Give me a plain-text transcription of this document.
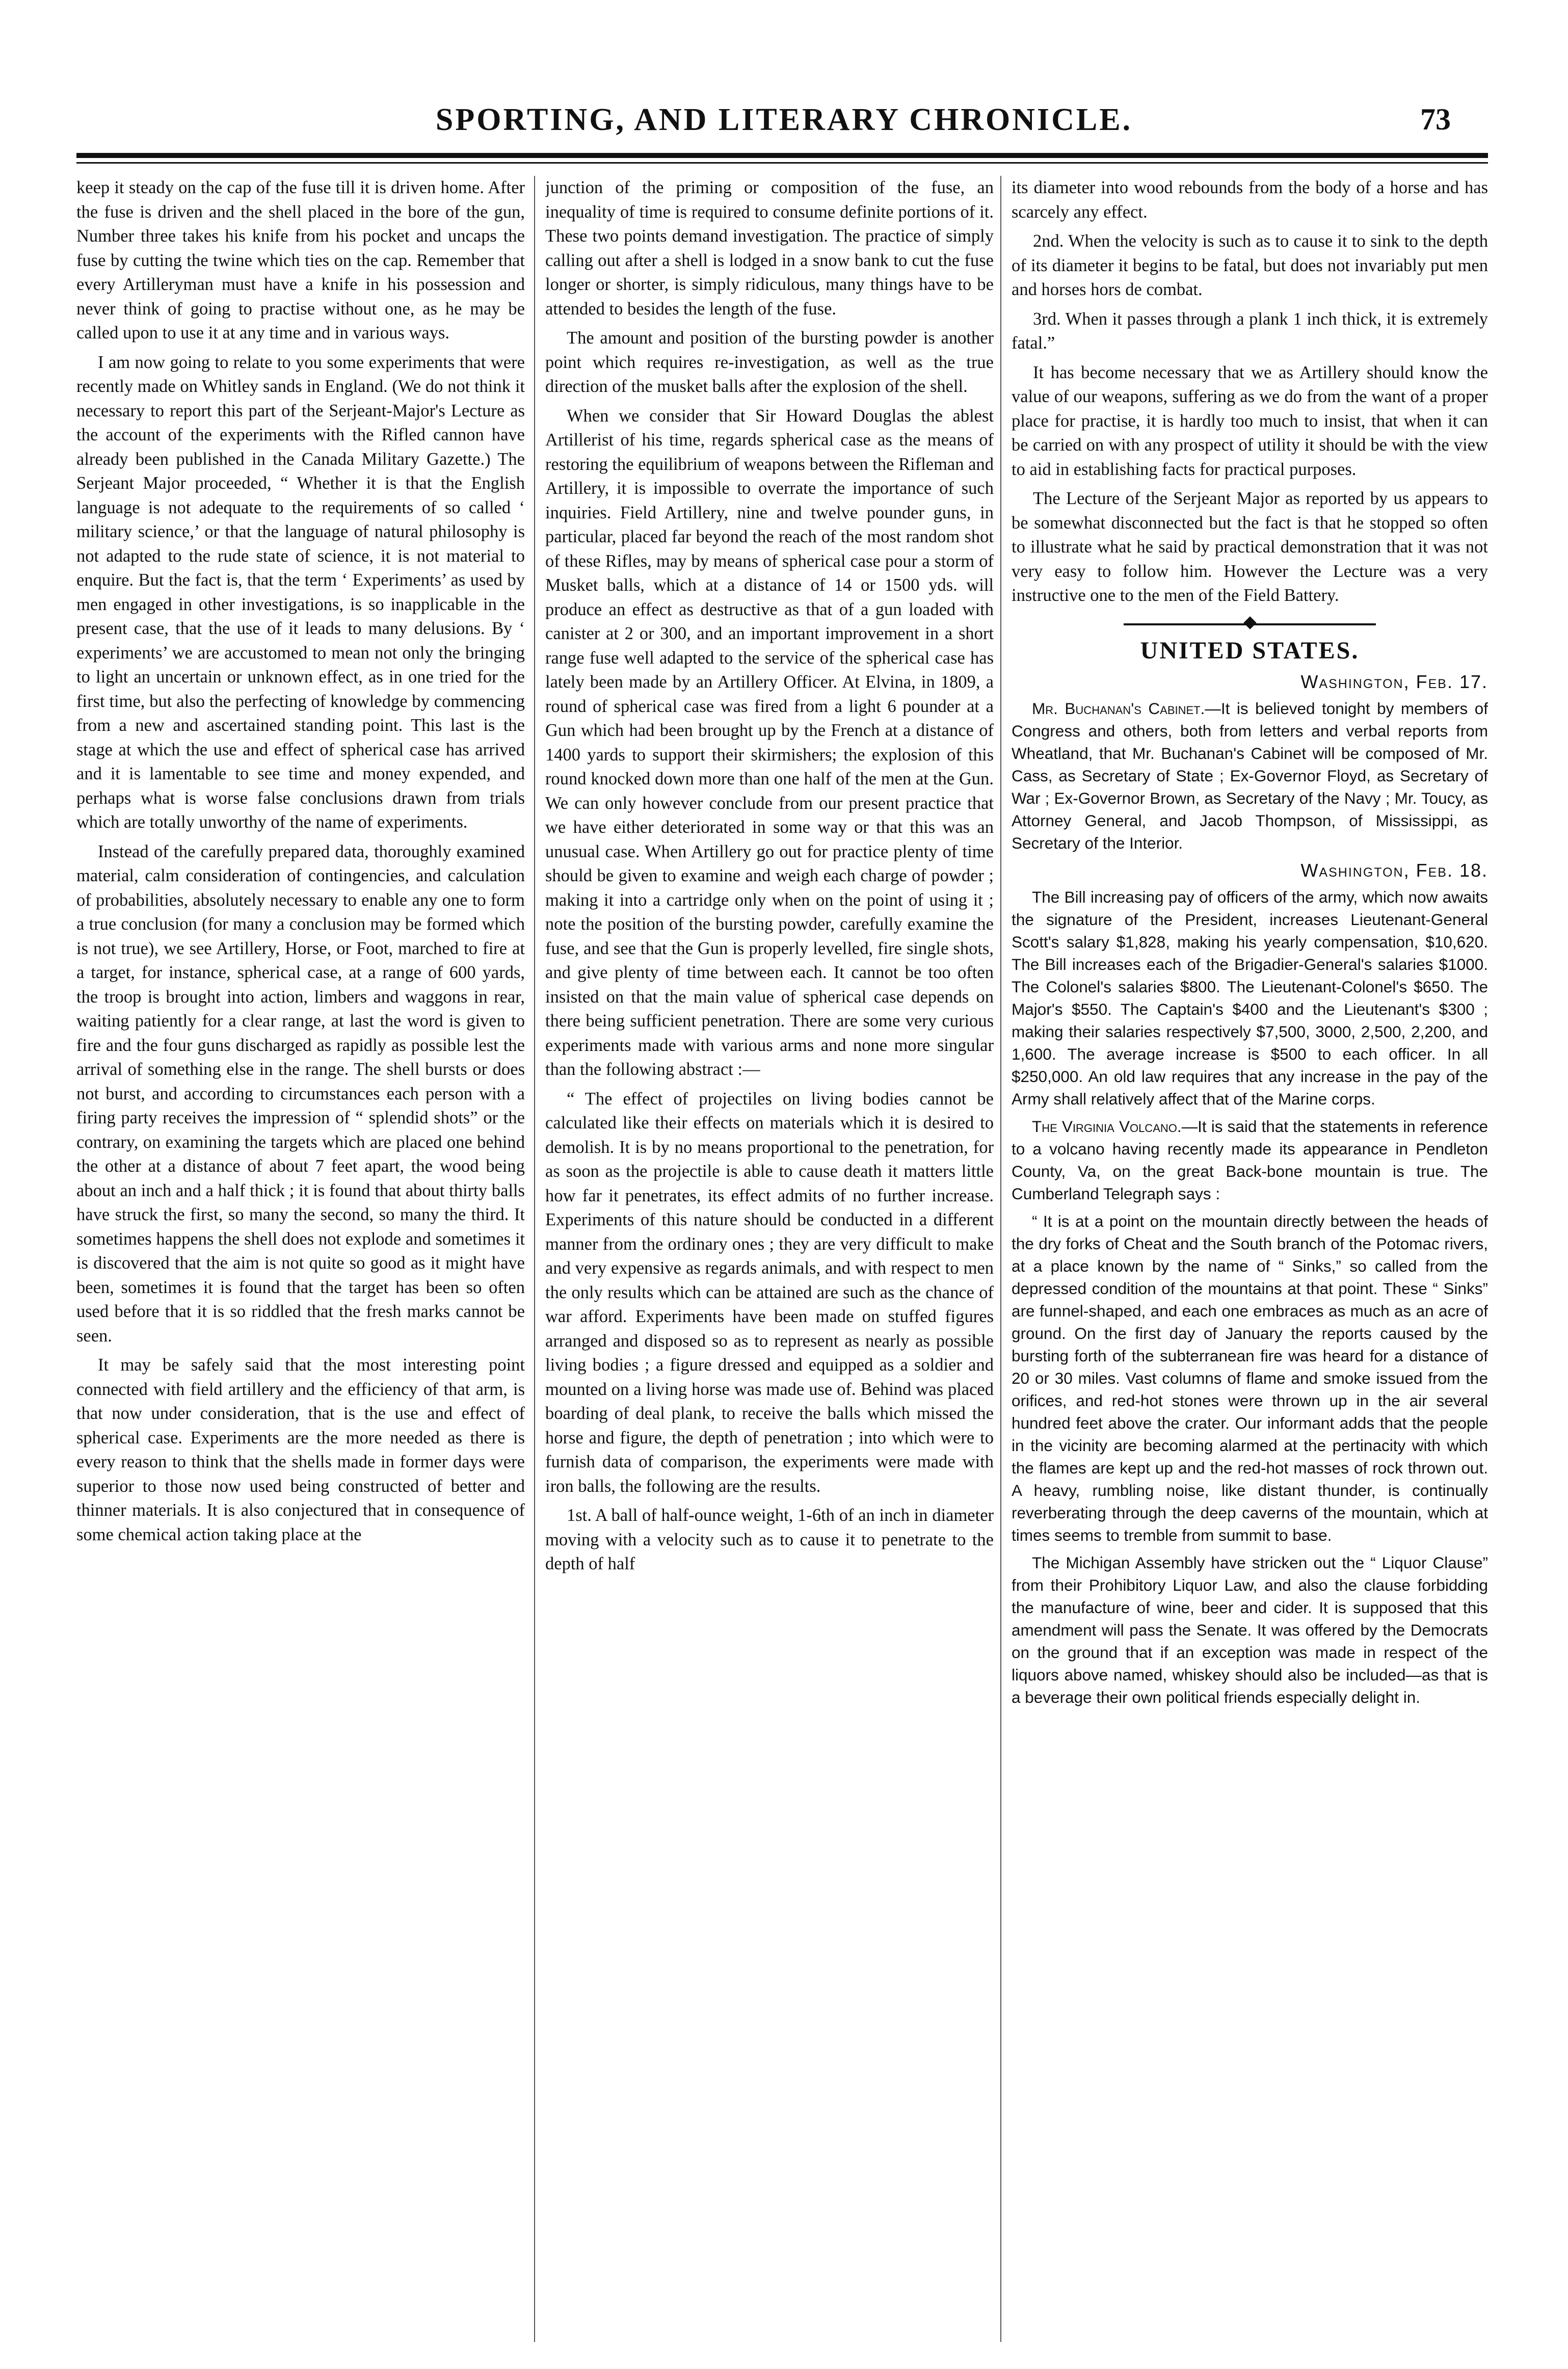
SPORTING, AND LITERARY CHRONICLE.	73

keep it steady on the cap of the fuse till it is driven home. After the fuse is driven and the shell placed in the bore of the gun, Number three takes his knife from his pocket and uncaps the fuse by cutting the twine which ties on the cap. Remember that every Artilleryman must have a knife in his possession and never think of going to practise without one, as he may be called upon to use it at any time and in various ways.

I am now going to relate to you some experiments that were recently made on Whitley sands in England. (We do not think it necessary to report this part of the Serjeant-Major's Lecture as the account of the experiments with the Rifled cannon have already been published in the Canada Military Gazette.) The Serjeant Major proceeded, “ Whether it is that the English language is not adequate to the requirements of so called ‘ military science,’ or that the language of natural philosophy is not adapted to the rude state of science, it is not material to enquire. But the fact is, that the term ‘ Experiments’ as used by men engaged in other investigations, is so inapplicable in the present case, that the use of it leads to many delusions. By ‘ experiments’ we are accustomed to mean not only the bringing to light an uncertain or unknown effect, as in one tried for the first time, but also the perfecting of knowledge by commencing from a new and ascertained standing point. This last is the stage at which the use and effect of spherical case has arrived and it is lamentable to see time and money expended, and perhaps what is worse false conclusions drawn from trials which are totally unworthy of the name of experiments.

Instead of the carefully prepared data, thoroughly examined material, calm consideration of contingencies, and calculation of probabilities, absolutely necessary to enable any one to form a true conclusion (for many a conclusion may be formed which is not true), we see Artillery, Horse, or Foot, marched to fire at a target, for instance, spherical case, at a range of 600 yards, the troop is brought into action, limbers and waggons in rear, waiting patiently for a clear range, at last the word is given to fire and the four guns discharged as rapidly as possible lest the arrival of something else in the range. The shell bursts or does not burst, and according to circumstances each person with a firing party receives the impression of “ splendid shots” or the contrary, on examining the targets which are placed one behind the other at a distance of about 7 feet apart, the wood being about an inch and a half thick ; it is found that about thirty balls have struck the first, so many the second, so many the third. It sometimes happens the shell does not explode and sometimes it is discovered that the aim is not quite so good as it might have been, sometimes it is found that the target has been so often used before that it is so riddled that the fresh marks cannot be seen.

It may be safely said that the most interesting point connected with field artillery and the efficiency of that arm, is that now under consideration, that is the use and effect of spherical case. Experiments are the more needed as there is every reason to think that the shells made in former days were superior to those now used being constructed of better and thinner materials. It is also conjectured that in consequence of some chemical action taking place at the

junction of the priming or composition of the fuse, an inequality of time is required to consume definite portions of it. These two points demand investigation. The practice of simply calling out after a shell is lodged in a snow bank to cut the fuse longer or shorter, is simply ridiculous, many things have to be attended to besides the length of the fuse.

The amount and position of the bursting powder is another point which requires re-investigation, as well as the true direction of the musket balls after the explosion of the shell.

When we consider that Sir Howard Douglas the ablest Artillerist of his time, regards spherical case as the means of restoring the equilibrium of weapons between the Rifleman and Artillery, it is impossible to overrate the importance of such inquiries. Field Artillery, nine and twelve pounder guns, in particular, placed far beyond the reach of the most random shot of these Rifles, may by means of spherical case pour a storm of Musket balls, which at a distance of 14 or 1500 yds. will produce an effect as destructive as that of a gun loaded with canister at 2 or 300, and an important improvement in a short range fuse well adapted to the service of the spherical case has lately been made by an Artillery Officer. At Elvina, in 1809, a round of spherical case was fired from a light 6 pounder at a Gun which had been brought up by the French at a distance of 1400 yards to support their skirmishers; the explosion of this round knocked down more than one half of the men at the Gun. We can only however conclude from our present practice that we have either deteriorated in some way or that this was an unusual case. When Artillery go out for practice plenty of time should be given to examine and weigh each charge of powder ; making it into a cartridge only when on the point of using it ; note the position of the bursting powder, carefully examine the fuse, and see that the Gun is properly levelled, fire single shots, and give plenty of time between each. It cannot be too often insisted on that the main value of spherical case depends on there being sufficient penetration. There are some very curious experiments made with various arms and none more singular than the following abstract :—

“ The effect of projectiles on living bodies cannot be calculated like their effects on materials which it is desired to demolish. It is by no means proportional to the penetration, for as soon as the projectile is able to cause death it matters little how far it penetrates, its effect admits of no further increase. Experiments of this nature should be conducted in a different manner from the ordinary ones ; they are very difficult to make and very expensive as regards animals, and with respect to men the only results which can be attained are such as the chance of war afford. Experiments have been made on stuffed figures arranged and disposed so as to represent as nearly as possible living bodies ; a figure dressed and equipped as a soldier and mounted on a living horse was made use of. Behind was placed boarding of deal plank, to receive the balls which missed the horse and figure, the depth of penetration ; into which were to furnish data of comparison, the experiments were made with iron balls, the following are the results.

1st. A ball of half-ounce weight, 1-6th of an inch in diameter moving with a velocity such as to cause it to penetrate to the depth of half

its diameter into wood rebounds from the body of a horse and has scarcely any effect.

2nd. When the velocity is such as to cause it to sink to the depth of its diameter it begins to be fatal, but does not invariably put men and horses hors de combat.

3rd. When it passes through a plank 1 inch thick, it is extremely fatal.”

It has become necessary that we as Artillery should know the value of our weapons, suffering as we do from the want of a proper place for practise, it is hardly too much to insist, that when it can be carried on with any prospect of utility it should be with the view to aid in establishing facts for practical purposes.

The Lecture of the Serjeant Major as reported by us appears to be somewhat disconnected but the fact is that he stopped so often to illustrate what he said by practical demonstration that it was not very easy to follow him. However the Lecture was a very instructive one to the men of the Field Battery.

UNITED STATES.
Washington, Feb. 17.

Mr. Buchanan's Cabinet.—It is believed tonight by members of Congress and others, both from letters and verbal reports from Wheatland, that Mr. Buchanan's Cabinet will be composed of Mr. Cass, as Secretary of State ; Ex-Governor Floyd, as Secretary of War ; Ex-Governor Brown, as Secretary of the Navy ; Mr. Toucy, as Attorney General, and Jacob Thompson, of Mississippi, as Secretary of the Interior.

Washington, Feb. 18.

The Bill increasing pay of officers of the army, which now awaits the signature of the President, increases Lieutenant-General Scott's salary $1,828, making his yearly compensation, $10,620. The Bill increases each of the Brigadier-General's salaries $1000. The Colonel's salaries $800. The Lieutenant-Colonel's $650. The Major's $550. The Captain's $400 and the Lieutenant's $300 ; making their salaries respectively $7,500, 3000, 2,500, 2,200, and 1,600. The average increase is $500 to each officer. In all $250,000. An old law requires that any increase in the pay of the Army shall relatively affect that of the Marine corps.

The Virginia Volcano.—It is said that the statements in reference to a volcano having recently made its appearance in Pendleton County, Va, on the great Back-bone mountain is true. The Cumberland Telegraph says :

“ It is at a point on the mountain directly between the heads of the dry forks of Cheat and the South branch of the Potomac rivers, at a place known by the name of “ Sinks,” so called from the depressed condition of the mountains at that point. These “ Sinks” are funnel-shaped, and each one embraces as much as an acre of ground. On the first day of January the reports caused by the bursting forth of the subterranean fire was heard for a distance of 20 or 30 miles. Vast columns of flame and smoke issued from the orifices, and red-hot stones were thrown up in the air several hundred feet above the crater. Our informant adds that the people in the vicinity are becoming alarmed at the pertinacity with which the flames are kept up and the red-hot masses of rock thrown out. A heavy, rumbling noise, like distant thunder, is continually reverberating through the deep caverns of the mountain, which at times seems to tremble from summit to base.

The Michigan Assembly have stricken out the “ Liquor Clause” from their Prohibitory Liquor Law, and also the clause forbidding the manufacture of wine, beer and cider. It is supposed that this amendment will pass the Senate. It was offered by the Democrats on the ground that if an exception was made in respect of the liquors above named, whiskey should also be included—as that is a beverage their own political friends especially delight in.
